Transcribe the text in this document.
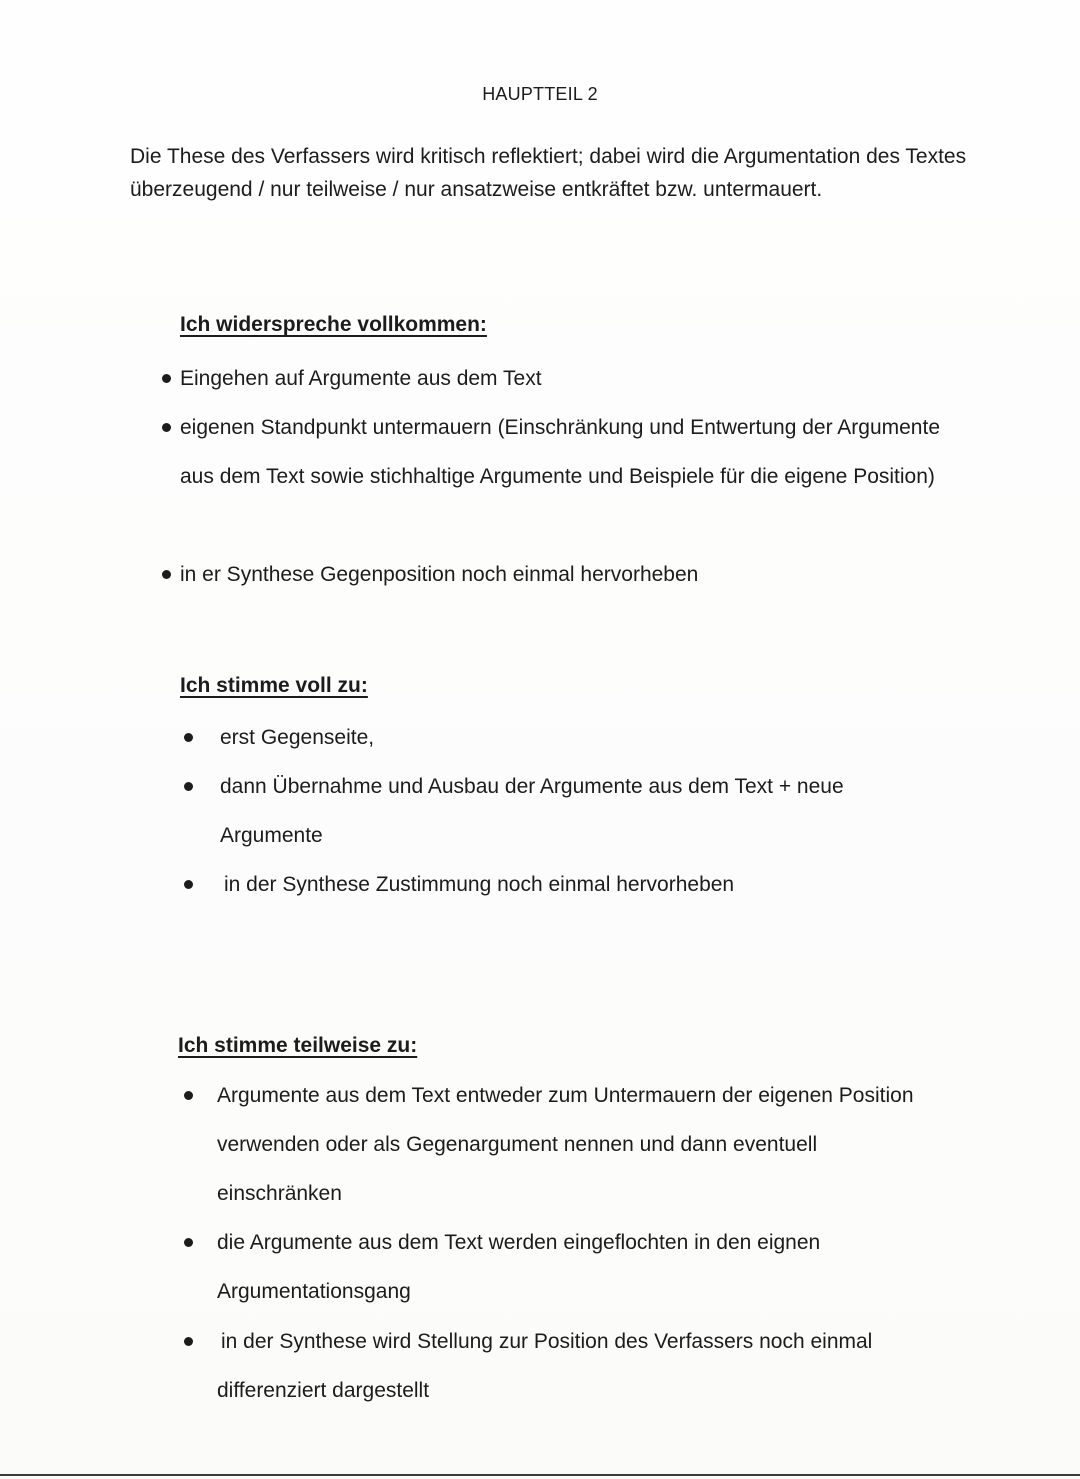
HAUPTTEIL 2
Die These des Verfassers wird kritisch reflektiert; dabei wird die Argumentation des Textes überzeugend / nur teilweise / nur ansatzweise entkräftet bzw. untermauert.
Ich widerspreche vollkommen:
Eingehen auf Argumente aus dem Text
eigenen Standpunkt untermauern (Einschränkung und Entwertung der Argumente aus dem Text sowie stichhaltige Argumente und Beispiele für die eigene Position)
in er Synthese Gegenposition noch einmal hervorheben
Ich stimme voll zu:
erst Gegenseite,
dann Übernahme und Ausbau der Argumente aus dem Text + neue Argumente
in der Synthese Zustimmung noch einmal hervorheben
Ich stimme teilweise zu:
Argumente aus dem Text entweder zum Untermauern der eigenen Position verwenden oder als Gegenargument nennen und dann eventuell einschränken
die Argumente aus dem Text werden eingeflochten in den eignen Argumentationsgang
in der Synthese wird Stellung zur Position des Verfassers noch einmal differenziert dargestellt
